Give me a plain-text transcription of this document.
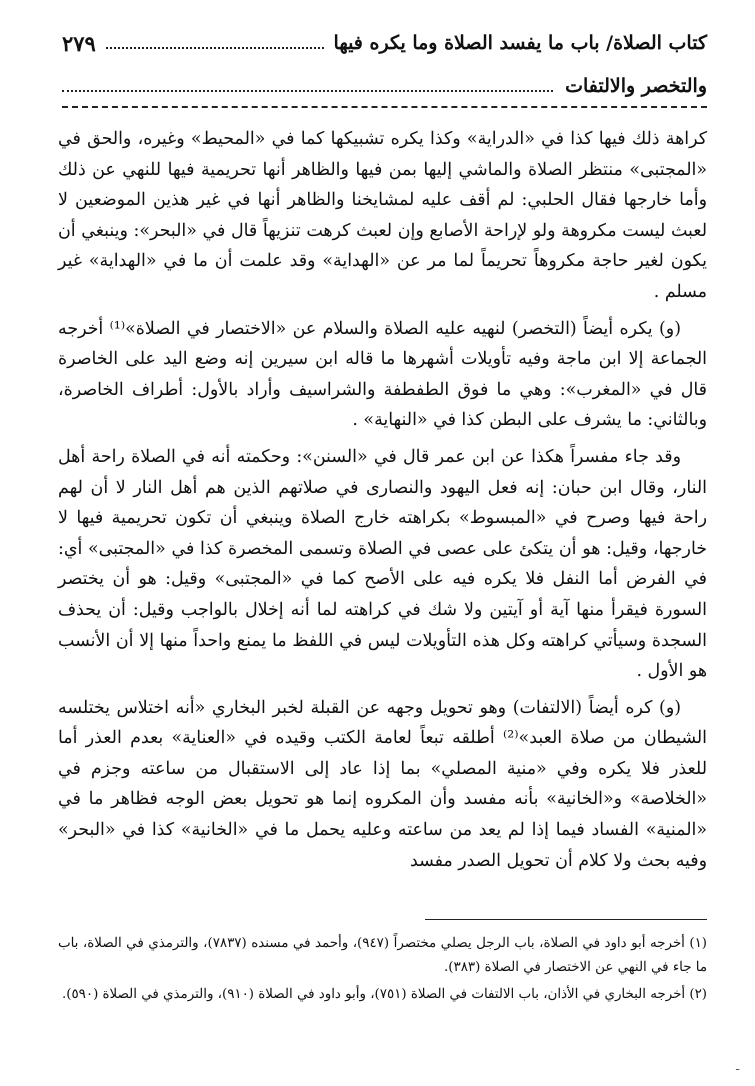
كتاب الصلاة/ باب ما يفسد الصلاة وما يكره فيها
٢٧٩
والتخصر والالتفات

كراهة ذلك فيها كذا في «الدراية» وكذا يكره تشبيكها كما في «المحيط» وغيره، والحق في «المجتبى» منتظر الصلاة والماشي إليها بمن فيها والظاهر أنها تحريمية فيها للنهي عن ذلك وأما خارجها فقال الحلبي: لم أقف عليه لمشايخنا والظاهر أنها في غير هذين الموضعين لا لعبث ليست مكروهة ولو لإراحة الأصابع وإن لعبث كرهت تنزيهاً قال في «البحر»: وينبغي أن يكون لغير حاجة مكروهاً تحريماً لما مر عن «الهداية» وقد علمت أن ما في «الهداية» غير مسلم .

(و) يكره أيضاً (التخصر) لنهيه عليه الصلاة والسلام عن «الاختصار في الصلاة»⁽¹⁾ أخرجه الجماعة إلا ابن ماجة وفيه تأويلات أشهرها ما قاله ابن سيرين إنه وضع اليد على الخاصرة قال في «المغرب»: وهي ما فوق الطفطفة والشراسيف وأراد بالأول: أطراف الخاصرة، وبالثاني: ما يشرف على البطن كذا في «النهاية» .

وقد جاء مفسراً هكذا عن ابن عمر قال في «السنن»: وحكمته أنه في الصلاة راحة أهل النار، وقال ابن حبان: إنه فعل اليهود والنصارى في صلاتهم الذين هم أهل النار لا أن لهم راحة فيها وصرح في «المبسوط» بكراهته خارج الصلاة وينبغي أن تكون تحريمية فيها لا خارجها، وقيل: هو أن يتكئ على عصى في الصلاة وتسمى المخصرة كذا في «المجتبى» أي: في الفرض أما النفل فلا يكره فيه على الأصح كما في «المجتبى» وقيل: هو أن يختصر السورة فيقرأ منها آية أو آيتين ولا شك في كراهته لما أنه إخلال بالواجب وقيل: أن يحذف السجدة وسيأتي كراهته وكل هذه التأويلات ليس في اللفظ ما يمنع واحداً منها إلا أن الأنسب هو الأول .

(و) كره أيضاً (الالتفات) وهو تحويل وجهه عن القبلة لخبر البخاري «أنه اختلاس يختلسه الشيطان من صلاة العبد»⁽²⁾ أطلقه تبعاً لعامة الكتب وقيده في «العناية» بعدم العذر أما للعذر فلا يكره وفي «منية المصلي» بما إذا عاد إلى الاستقبال من ساعته وجزم في «الخلاصة» و«الخانية» بأنه مفسد وأن المكروه إنما هو تحويل بعض الوجه فظاهر ما في «المنية» الفساد فيما إذا لم يعد من ساعته وعليه يحمل ما في «الخانية» كذا في «البحر» وفيه بحث ولا كلام أن تحويل الصدر مفسد

(١) أخرجه أبو داود في الصلاة، باب الرجل يصلي مختصراً (٩٤٧)، وأحمد في مسنده (٧٨٣٧)، والترمذي في الصلاة، باب ما جاء في النهي عن الاختصار في الصلاة (٣٨٣).

(٢) أخرجه البخاري في الأذان، باب الالتفات في الصلاة (٧٥١)، وأبو داود في الصلاة (٩١٠)، والترمذي في الصلاة (٥٩٠).

ـ
